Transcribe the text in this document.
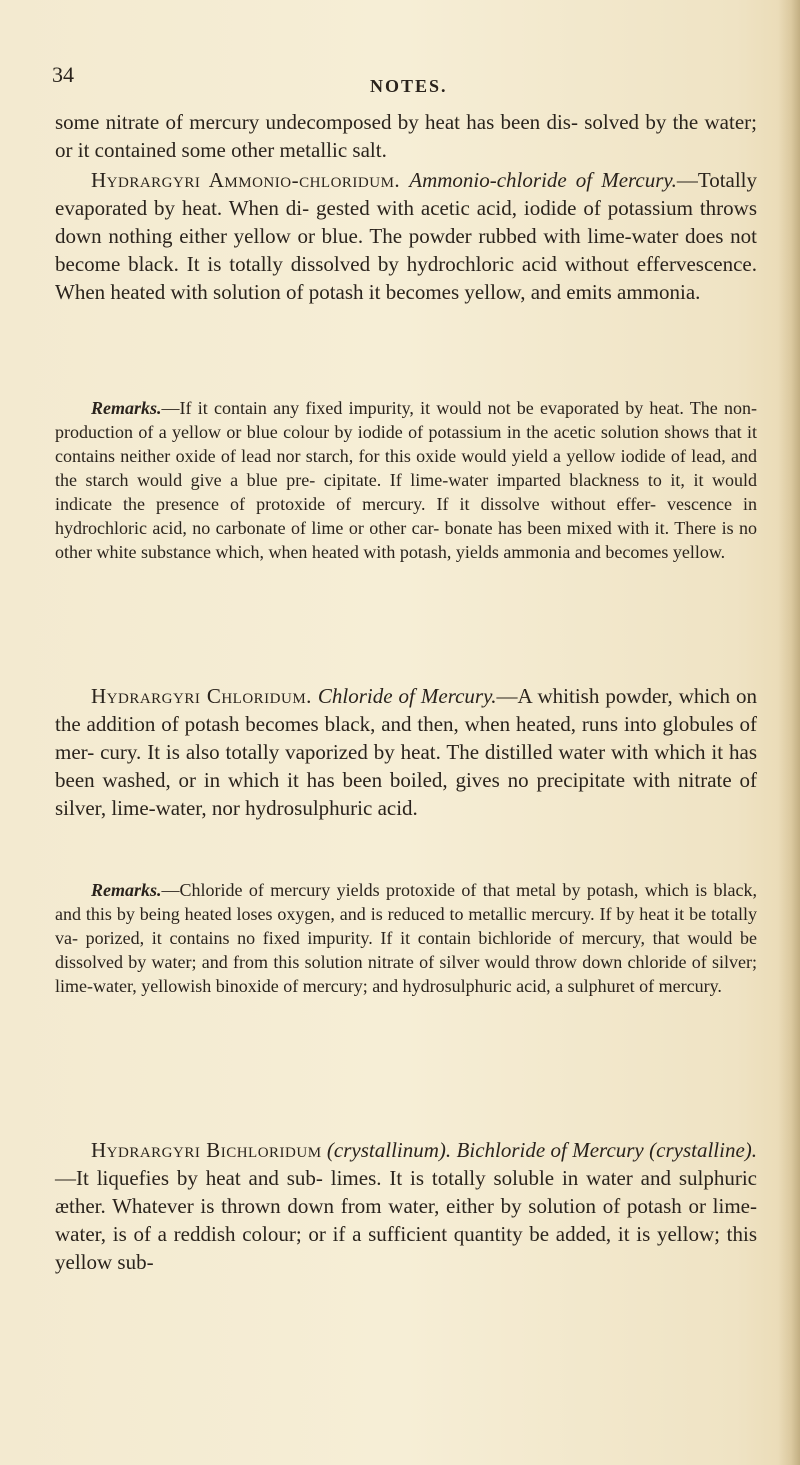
34	NOTES.

some nitrate of mercury undecomposed by heat has been dis- solved by the water; or it contained some other metallic salt.

Hydrargyri Ammonio-chloridum. Ammonio-chloride of Mercury.—Totally evaporated by heat. When di- gested with acetic acid, iodide of potassium throws down nothing either yellow or blue. The powder rubbed with lime-water does not become black. It is totally dissolved by hydrochloric acid without effervescence. When heated with solution of potash it becomes yellow, and emits ammonia.

Remarks.—If it contain any fixed impurity, it would not be evaporated by heat. The non-production of a yellow or blue colour by iodide of potassium in the acetic solution shows that it contains neither oxide of lead nor starch, for this oxide would yield a yellow iodide of lead, and the starch would give a blue pre- cipitate. If lime-water imparted blackness to it, it would indicate the presence of protoxide of mercury. If it dissolve without effer- vescence in hydrochloric acid, no carbonate of lime or other car- bonate has been mixed with it. There is no other white substance which, when heated with potash, yields ammonia and becomes yellow.

Hydrargyri Chloridum. Chloride of Mercury.—A whitish powder, which on the addition of potash becomes black, and then, when heated, runs into globules of mer- cury. It is also totally vaporized by heat. The distilled water with which it has been washed, or in which it has been boiled, gives no precipitate with nitrate of silver, lime-water, nor hydrosulphuric acid.

Remarks.—Chloride of mercury yields protoxide of that metal by potash, which is black, and this by being heated loses oxygen, and is reduced to metallic mercury. If by heat it be totally va- porized, it contains no fixed impurity. If it contain bichloride of mercury, that would be dissolved by water; and from this solution nitrate of silver would throw down chloride of silver; lime-water, yellowish binoxide of mercury; and hydrosulphuric acid, a sulphuret of mercury.

Hydrargyri Bichloridum (crystallinum). Bichloride of Mercury (crystalline).—It liquefies by heat and sub- limes. It is totally soluble in water and sulphuric æther. Whatever is thrown down from water, either by solution of potash or lime-water, is of a reddish colour; or if a sufficient quantity be added, it is yellow; this yellow sub-
